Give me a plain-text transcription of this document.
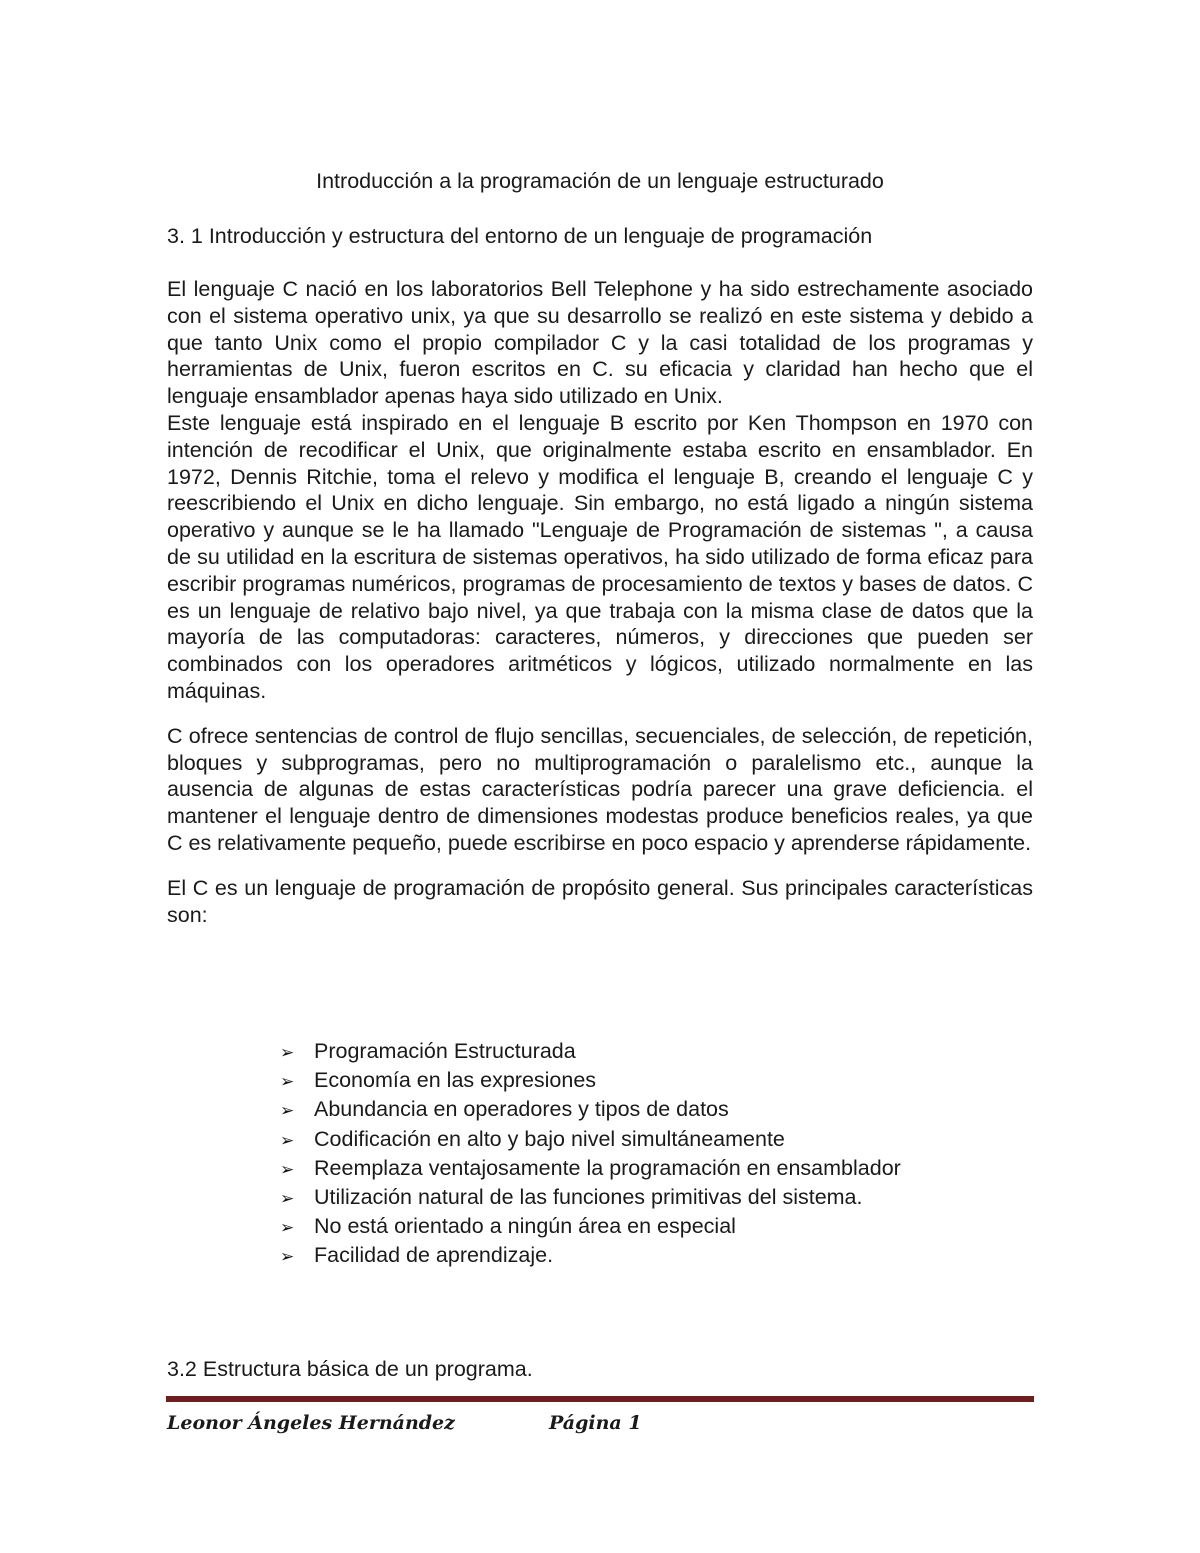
Introducción a la programación de un lenguaje estructurado
3. 1 Introducción y estructura del entorno de un lenguaje de programación

El lenguaje C nació en los laboratorios Bell Telephone y ha sido estrechamente asociado con el sistema operativo unix, ya que su desarrollo se realizó en este sistema y debido a que tanto Unix como el propio compilador C y la casi totalidad de los programas y herramientas de Unix, fueron escritos en C. su eficacia y claridad han hecho que el lenguaje ensamblador apenas haya sido utilizado en Unix.

Este lenguaje está inspirado en el lenguaje B escrito por Ken Thompson en 1970 con intención de recodificar el Unix, que originalmente estaba escrito en ensamblador. En 1972, Dennis Ritchie, toma el relevo y modifica el lenguaje B, creando el lenguaje C y reescribiendo el Unix en dicho lenguaje. Sin embargo, no está ligado a ningún sistema operativo y aunque se le ha llamado "Lenguaje de Programación de sistemas ", a causa de su utilidad en la escritura de sistemas operativos, ha sido utilizado de forma eficaz para escribir programas numéricos, programas de procesamiento de textos y bases de datos. C es un lenguaje de relativo bajo nivel, ya que trabaja con la misma clase de datos que la mayoría de las computadoras: caracteres, números, y direcciones que pueden ser combinados con los operadores aritméticos y lógicos, utilizado normalmente en las máquinas.

C ofrece sentencias de control de flujo sencillas, secuenciales, de selección, de repetición, bloques y subprogramas, pero no multiprogramación o paralelismo etc., aunque la ausencia de algunas de estas características podría parecer una grave deficiencia. el mantener el lenguaje dentro de dimensiones modestas produce beneficios reales, ya que C es relativamente pequeño, puede escribirse en poco espacio y aprenderse rápidamente.

El C es un lenguaje de programación de propósito general. Sus principales características son:

➢ Programación Estructurada
➢ Economía en las expresiones
➢ Abundancia en operadores y tipos de datos
➢ Codificación en alto y bajo nivel simultáneamente
➢ Reemplaza ventajosamente la programación en ensamblador
➢ Utilización natural de las funciones primitivas del sistema.
➢ No está orientado a ningún área en especial
➢ Facilidad de aprendizaje.
3.2 Estructura básica de un programa.
Leonor Ángeles Hernández	Página 1
